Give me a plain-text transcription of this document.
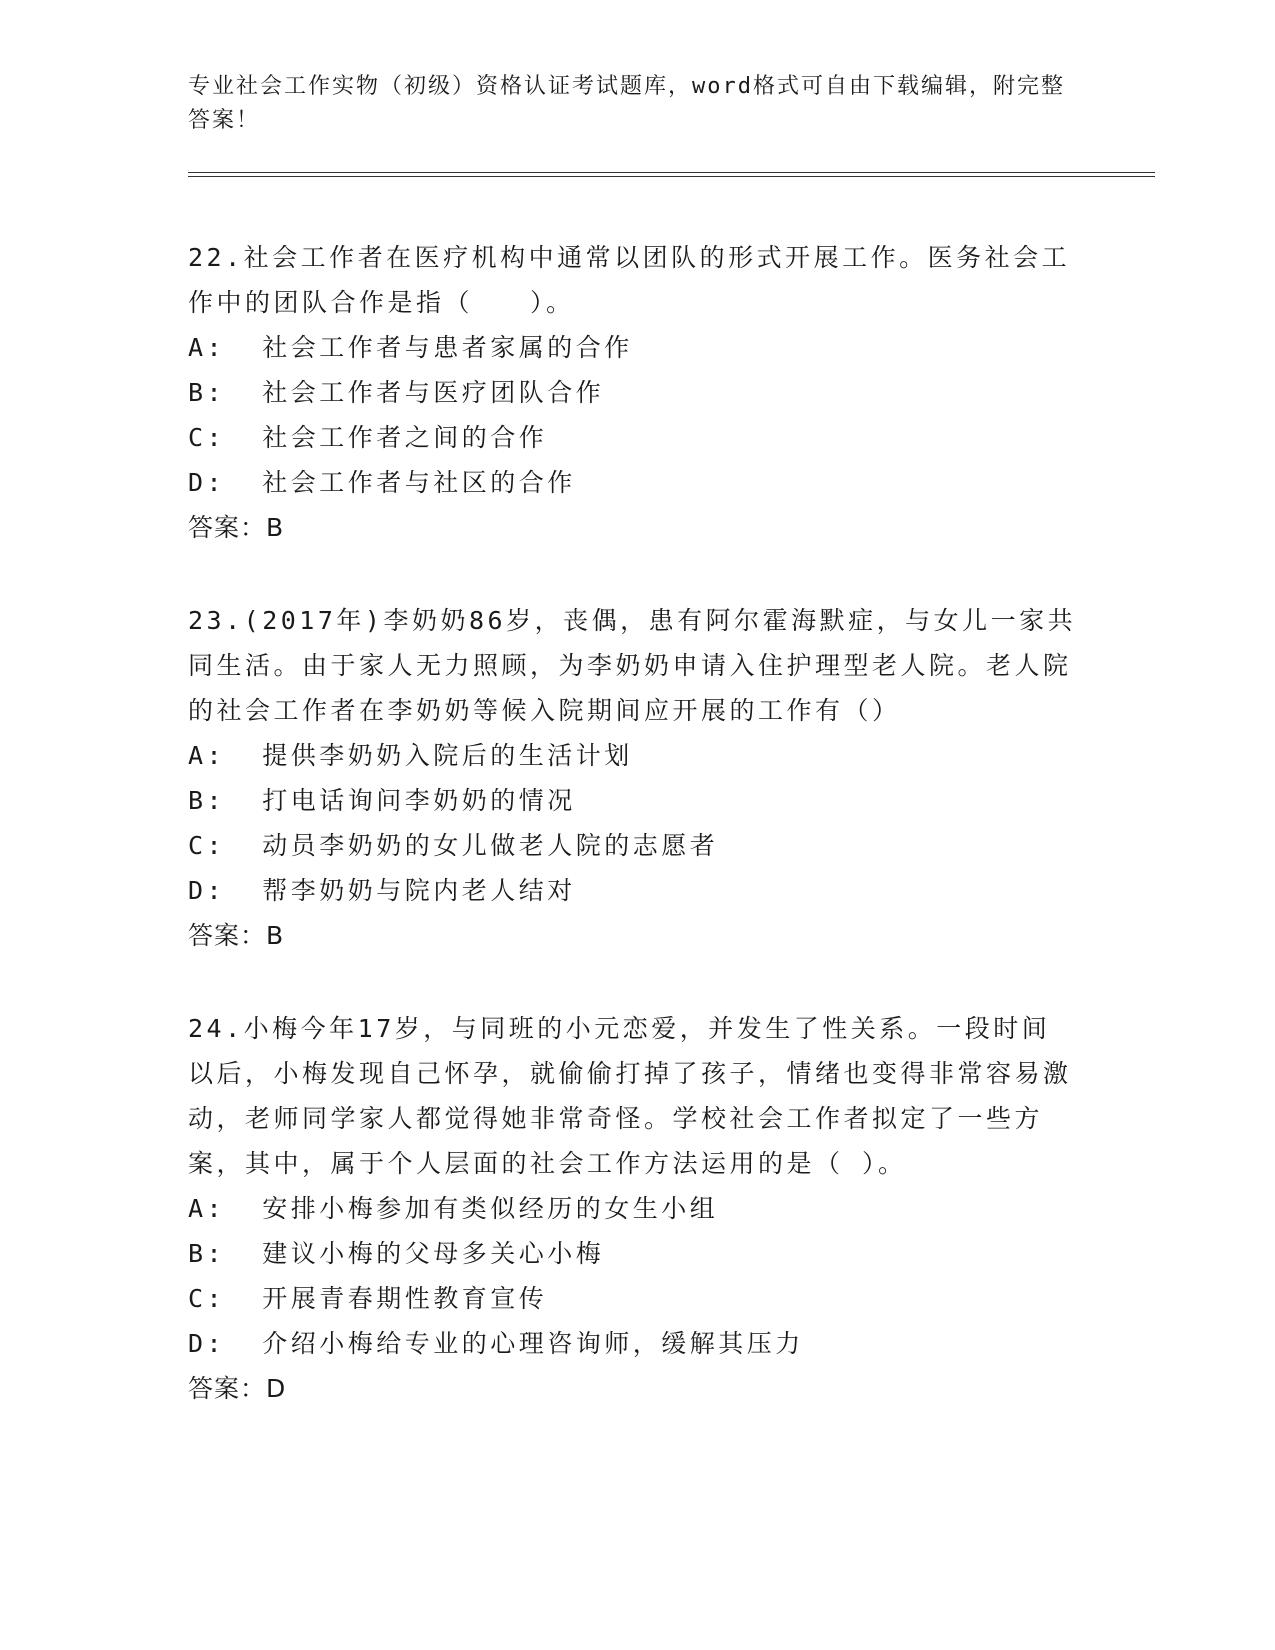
专业社会工作实物（初级）资格认证考试题库，word格式可自由下载编辑，附完整答案！
22.社会工作者在医疗机构中通常以团队的形式开展工作。医务社会工作中的团队合作是指（　　）。
A:  社会工作者与患者家属的合作
B:  社会工作者与医疗团队合作
C:  社会工作者之间的合作
D:  社会工作者与社区的合作
答案：B
23.(2017年)李奶奶86岁，丧偶，患有阿尔霍海默症，与女儿一家共同生活。由于家人无力照顾，为李奶奶申请入住护理型老人院。老人院的社会工作者在李奶奶等候入院期间应开展的工作有（）
A:  提供李奶奶入院后的生活计划
B:  打电话询问李奶奶的情况
C:  动员李奶奶的女儿做老人院的志愿者
D:  帮李奶奶与院内老人结对
答案：B
24.小梅今年17岁，与同班的小元恋爱，并发生了性关系。一段时间以后，小梅发现自己怀孕，就偷偷打掉了孩子，情绪也变得非常容易激动，老师同学家人都觉得她非常奇怪。学校社会工作者拟定了一些方案，其中，属于个人层面的社会工作方法运用的是（ ）。
A:  安排小梅参加有类似经历的女生小组
B:  建议小梅的父母多关心小梅
C:  开展青春期性教育宣传
D:  介绍小梅给专业的心理咨询师，缓解其压力
答案：D
